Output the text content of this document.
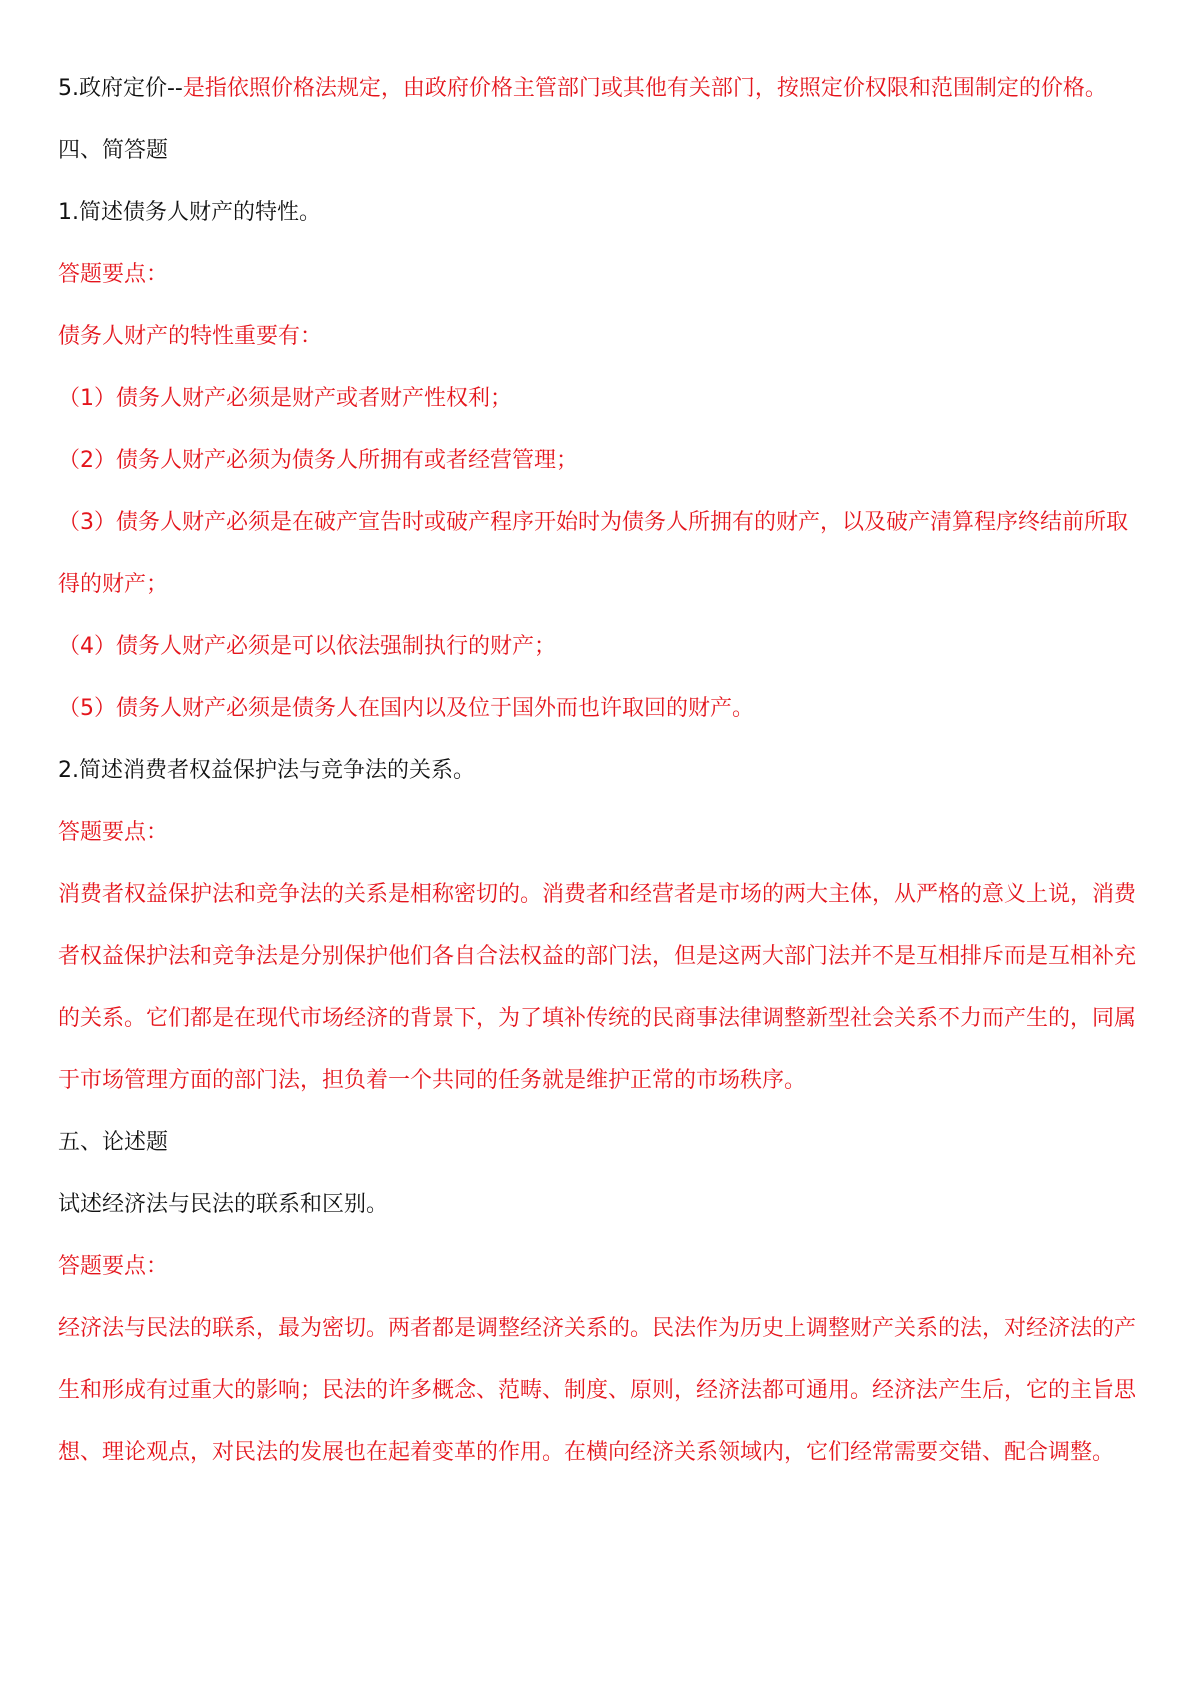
5.政府定价--是指依照价格法规定，由政府价格主管部门或其他有关部门，按照定价权限和范围制定的价格。

四、简答题

1.简述债务人财产的特性。

答题要点：

债务人财产的特性重要有：

（1）债务人财产必须是财产或者财产性权利；

（2）债务人财产必须为债务人所拥有或者经营管理；

（3）债务人财产必须是在破产宣告时或破产程序开始时为债务人所拥有的财产，以及破产清算程序终结前所取得的财产；

（4）债务人财产必须是可以依法强制执行的财产；

（5）债务人财产必须是债务人在国内以及位于国外而也许取回的财产。

2.简述消费者权益保护法与竞争法的关系。

答题要点：

消费者权益保护法和竞争法的关系是相称密切的。消费者和经营者是市场的两大主体，从严格的意义上说，消费者权益保护法和竞争法是分别保护他们各自合法权益的部门法，但是这两大部门法并不是互相排斥而是互相补充的关系。它们都是在现代市场经济的背景下，为了填补传统的民商事法律调整新型社会关系不力而产生的，同属于市场管理方面的部门法，担负着一个共同的任务就是维护正常的市场秩序。

五、论述题

试述经济法与民法的联系和区别。

答题要点：

经济法与民法的联系，最为密切。两者都是调整经济关系的。民法作为历史上调整财产关系的法，对经济法的产生和形成有过重大的影响；民法的许多概念、范畴、制度、原则，经济法都可通用。经济法产生后，它的主旨思想、理论观点，对民法的发展也在起着变革的作用。在横向经济关系领域内，它们经常需要交错、配合调整。
